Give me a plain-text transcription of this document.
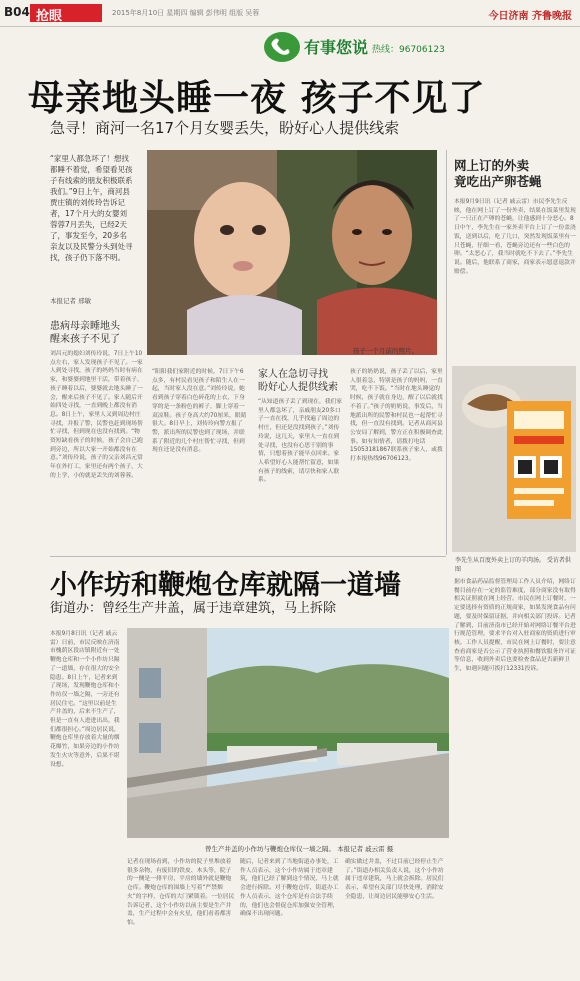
B04 抢眼	2015年8月10日 星期四 编辑 彭伟明 组版 吴蓉	今日济南 齐鲁晚报
有事您说 热线：96706123
母亲地头睡一夜 孩子不见了
急寻！商河一名17个月女婴丢失，盼好心人提供线索
“家里人都急坏了！想找都睡不着觉，希望看见孩子有线索的朋友积极联系我们。”9日上午，商河县贾庄镇的刘传玲告诉记者，17个月大的女婴刘蓉蓉7月丢失，已经2天了，事发至今，20多名亲友以及民警分头到处寻找，孩子仍下落不明。
本报记者 邢敏
孩子一个月前的照片。
患病母亲睡地头
醒来孩子不见了
刘昌元的媳妇刘传玲说，7日上午10点左右，家人发现孩子不见了。一家人到处寻找，孩子的妈妈当时有病在家，和婆婆到地里干活，带着孩子，孩子睡着以后，婆婆就去地头睡了一会，醒来后孩子不见了。家人随后开始四处寻找，一直到晚上都没有消息。8日上午，家里人又到周边村庄寻找，并报了警，民警也赶到现场帮忙寻找，但到现在也没有找到。“物资短缺看孩子的时候，孩子会自己跑到旁边，所以大家一开始都没有在意。”刘传玲说，孩子的父亲刘昌元常年在外打工，家里还有两个孩子，大的上学，小的就是丢失的刘蓉蓉。
“阳阳我们家附近的时候，7日下午6点多，有村民看见孩子和陌生人在一起，当时家人没在意。”刘传玲说，她看到孩子穿着白色碎花的上衣，下身穿的是一条粉色的裤子，脚上穿着一双凉鞋。孩子身高大约70厘米，眼睛很大。8日早上，刘传玲向警方报了警，派出所的民警也到了现场，并联系了附近的几个村庄帮忙寻找，但到现在还是没有消息。
家人在急切寻找
盼好心人提供线索
“从知道孩子丢了到现在，我们家里人都急坏了，亲戚朋友20多口子一直在找，几乎找遍了周边的村庄，但还是没找到孩子。”刘传玲说，这几天，家里人一直在到处寻找，也没有心思干别的事情，只想着孩子能早点回来。家人希望好心人能帮忙留意，如果有孩子的线索，请尽快和家人联系。
孩子的奶奶说，孩子丢了以后，家里人很着急，特别是孩子的妈妈，一直哭，吃不下饭。“当时在地头睡觉的时候，孩子就在身边，醒了以后就找不着了。”孩子的奶奶说，事发后，当地派出所的民警和村民也一起帮忙寻找，但一直没有找到。记者从商河县公安局了解到，警方正在积极调查此事。如有知情者，请拨打电话15053181867联系孩子家人，或拨打本报热线96706123。
网上订的外卖
竟吃出产卵苍蝇
本报9月9日讯（记者 戚云雷）市民李先生反映，他在网上订了一份外卖，结果在饭菜里发现了一只正在产卵的苍蝇，让他感到十分恶心。8日中午，李先生在一家外卖平台上订了一份盖浇饭，送到以后，吃了几口，突然发现饭菜里有一只苍蝇，仔细一看，苍蝇旁边还有一些白色的卵。“太恶心了，我当时就吃不下去了。”李先生说。随后，他联系了商家，商家表示愿意退款并赔偿。
李先生从百度外卖上订的羊肉汤。 受访者供图
小作坊和鞭炮仓库就隔一道墙
街道办：曾经生产井盖，属于违章建筑，马上拆除
本报9月8日讯（记者 戚云雷）日前，市民反映在济南市槐荫区段店镇附近有一处鞭炮仓库和一个小作坊只隔了一道墙，存在很大的安全隐患。8日上午，记者来到了现场，发现鞭炮仓库和小作坊仅一墙之隔，一旁还有居民住宅。“这里以前是生产井盖的，后来不生产了，但是一直有人进进出出，我们都很担心。”周边居民说，鞭炮仓库里存放着大量的烟花爆竹，如果旁边的小作坊发生火灾等意外，后果不堪设想。
曾生产井盖的小作坊与鞭炮仓库仅一墙之隔。 本报记者 戚云雷 摄
记者在现场看到，小作坊的院子里堆放着很多杂物，有废旧的铁皮、木头等，院子的一侧是一排平房，平房的墙外就是鞭炮仓库。鞭炮仓库的围墙上写着“严禁烟火”的字样，仓库的大门紧锁着。一位居民告诉记者，这个小作坊以前主要是生产井盖，生产过程中会有火星，他们看着都害怕。
随后，记者来到了当地街道办事处，工作人员表示，这个小作坊属于违章建筑，他们已经了解到这个情况，马上就会进行拆除。对于鞭炮仓库，街道办工作人员表示，这个仓库是有合法手续的，他们也会督促仓库加强安全管理，确保不出现问题。
确实做过井盖，不过目前已经停止生产了。”街道办相关负责人说，这个小作坊属于违章建筑，马上就会拆除。居民们表示，希望有关部门尽快处理，消除安全隐患，让周边居民能够安心生活。
据市食品药品监督管理局工作人员介绍，网络订餐目前存在一定的监管难度，部分商家没有取得相关证照就在网上经营。市民在网上订餐时，一定要选择有资质的正规商家，如果发现食品有问题，要及时保留证据，并向相关部门投诉。记者了解到，目前济南市已经开始对网络订餐平台进行规范管理，要求平台对入驻商家的资质进行审核。工作人员提醒，市民在网上订餐时，要注意查看商家是否公示了营业执照和餐饮服务许可证等信息，收到外卖后也要检查食品是否新鲜卫生，如遇问题可拨打12331投诉。
